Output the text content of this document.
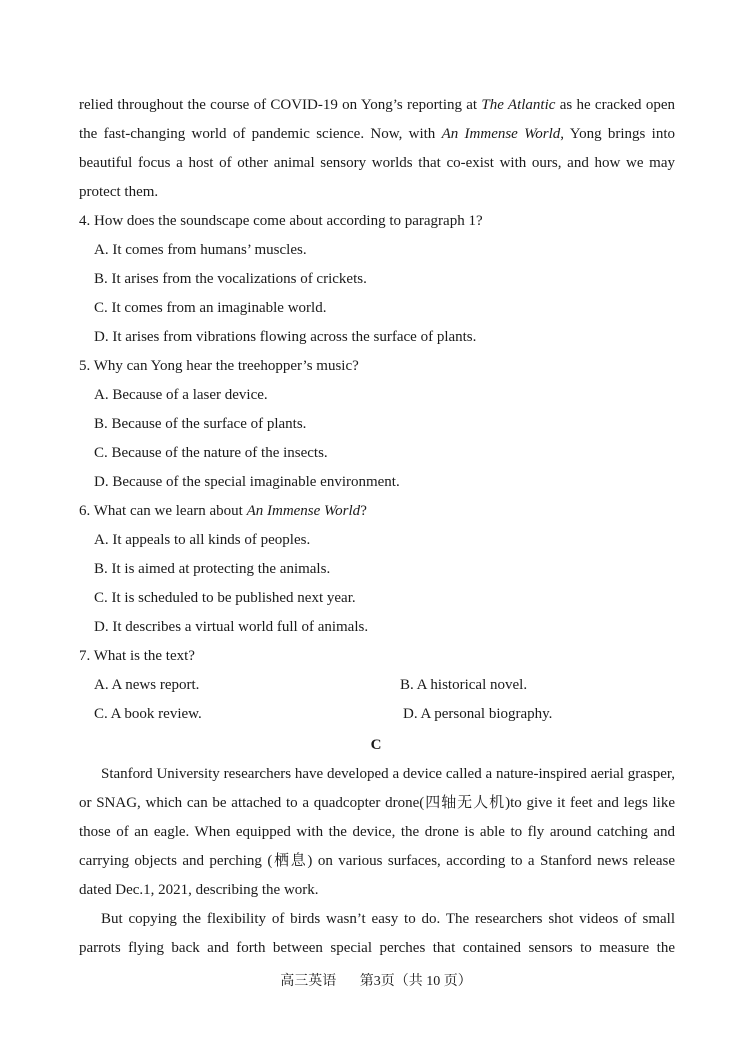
relied throughout the course of COVID-19 on Yong’s reporting at The Atlantic as he cracked open
the fast-changing world of pandemic science. Now, with An Immense World, Yong brings into
beautiful focus a host of other animal sensory worlds that co-exist with ours, and how we may
protect them.
4. How does the soundscape come about according to paragraph 1?
A. It comes from humans’ muscles.
B. It arises from the vocalizations of crickets.
C. It comes from an imaginable world.
D. It arises from vibrations flowing across the surface of plants.
5. Why can Yong hear the treehopper’s music?
A. Because of a laser device.
B. Because of the surface of plants.
C. Because of the nature of the insects.
D. Because of the special imaginable environment.
6. What can we learn about An Immense World?
A. It appeals to all kinds of peoples.
B. It is aimed at protecting the animals.
C. It is scheduled to be published next year.
D. It describes a virtual world full of animals.
7. What is the text?
A. A news report.	B. A historical novel.
C. A book review.	D. A personal biography.
C
Stanford University researchers have developed a device called a nature-inspired aerial grasper,
or SNAG, which can be attached to a quadcopter drone(四轴无人机)to give it feet and legs like
those of an eagle. When equipped with the device, the drone is able to fly around catching and
carrying objects and perching (栖息) on various surfaces, according to a Stanford news release
dated Dec.1, 2021, describing the work.
But copying the flexibility of birds wasn’t easy to do. The researchers shot videos of small
parrots flying back and forth between special perches that contained sensors to measure the
高三英语 第3页（共 10 页）
